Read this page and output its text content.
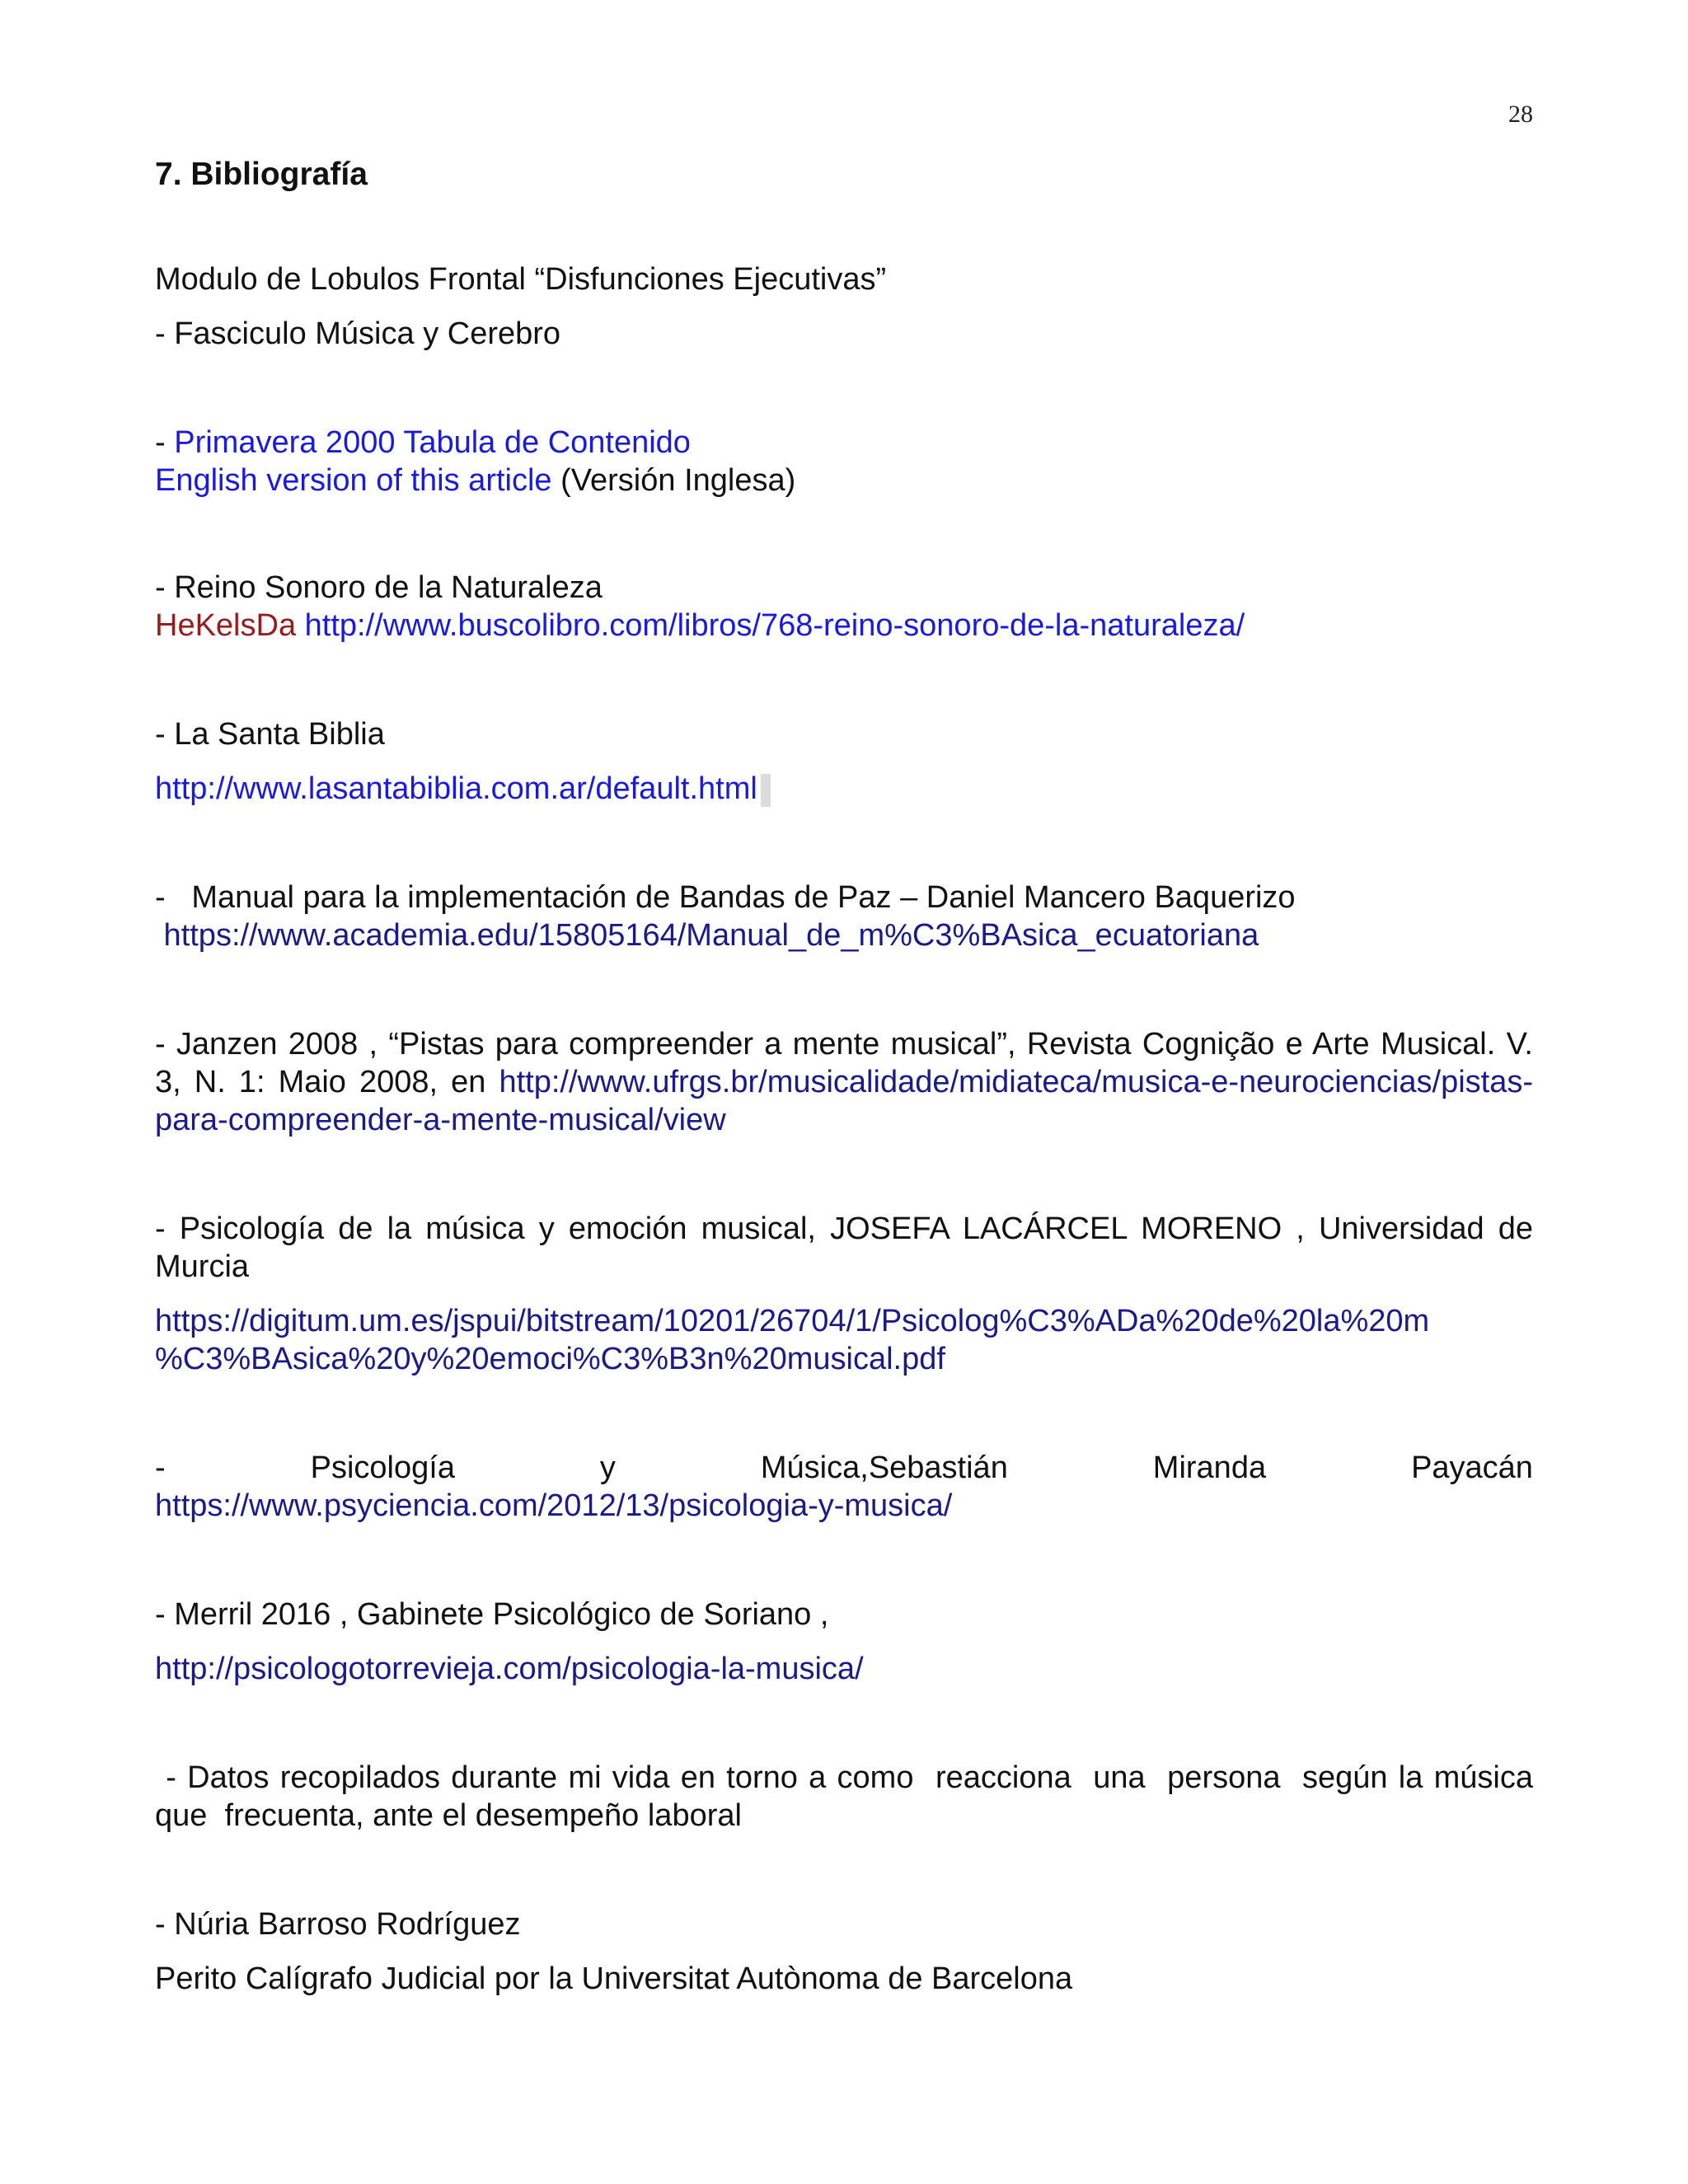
28
7. Bibliografía
Modulo de Lobulos Frontal “Disfunciones Ejecutivas”
- Fasciculo Música y Cerebro
- Primavera 2000 Tabula de Contenido
English version of this article (Versión Inglesa)
- Reino Sonoro de la Naturaleza
HeKelsDa http://www.buscolibro.com/libros/768-reino-sonoro-de-la-naturaleza/
- La Santa Biblia
http://www.lasantabiblia.com.ar/default.html
-   Manual para la implementación de Bandas de Paz – Daniel Mancero Baquerizo
https://www.academia.edu/15805164/Manual_de_m%C3%BAsica_ecuatoriana
- Janzen 2008 , “Pistas para compreender a mente musical”, Revista Cognição e Arte Musical. V. 3, N. 1: Maio 2008, en http://www.ufrgs.br/musicalidade/midiateca/musica-e-neurociencias/pistas-para-compreender-a-mente-musical/view
- Psicología de la música y emoción musical, JOSEFA LACÁRCEL MORENO , Universidad de Murcia
https://digitum.um.es/jspui/bitstream/10201/26704/1/Psicolog%C3%ADa%20de%20la%20m
%C3%BAsica%20y%20emoci%C3%B3n%20musical.pdf
-	Psicología	y	Música,Sebastián	Miranda	Payacán
https://www.psyciencia.com/2012/13/psicologia-y-musica/
- Merril 2016 , Gabinete Psicológico de Soriano ,
http://psicologotorrevieja.com/psicologia-la-musica/
- Datos recopilados durante mi vida en torno a como  reacciona  una  persona  según la música  que  frecuenta, ante el desempeño laboral
- Núria Barroso Rodríguez
Perito Calígrafo Judicial por la Universitat Autònoma de Barcelona
